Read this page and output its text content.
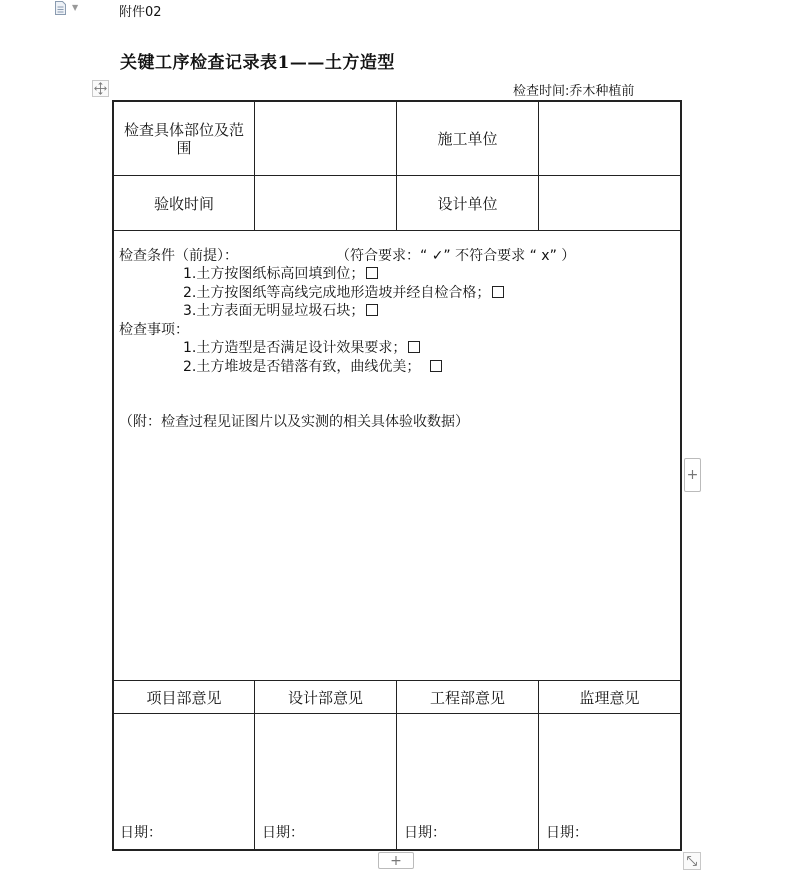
▼	附件02
关键工序检查记录表1——土方造型
检查时间:乔木种植前
检查具体部位及范围	施工单位
验收时间	设计单位
检查条件（前提）：	（符合要求：“ ✓” 不符合要求 “ x” ）
1.土方按图纸标高回填到位；
2.土方按图纸等高线完成地形造坡并经自检合格；
3.土方表面无明显垃圾石块；
检查事项：
1.土方造型是否满足设计效果要求；
2.土方堆坡是否错落有致，曲线优美；
（附：检查过程见证图片以及实测的相关具体验收数据）
项目部意见	设计部意见	工程部意见	监理意见
日期：	日期：	日期：	日期：
+
+
